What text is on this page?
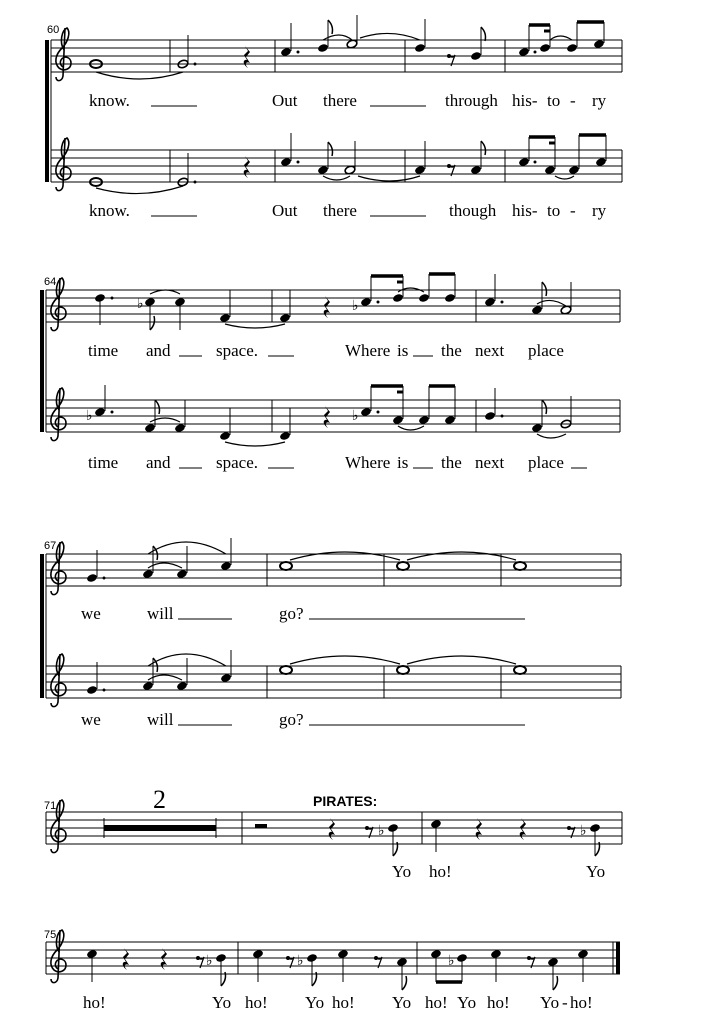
60
know.	Out there	through his- to - ry
know.	Out there	though his- to - ry
64
♭	♭
time and	space.	Where is the next place
♭	♭
time and	space.	Where is the next place
67
we	will	go?
we	will	go?
71	2	PIRATES:
♭	♭
Yo ho!	Yo
75
♭	♭	♭
ho!	Yo ho! Yo ho! Yo ho! Yo ho! Yo - ho!
